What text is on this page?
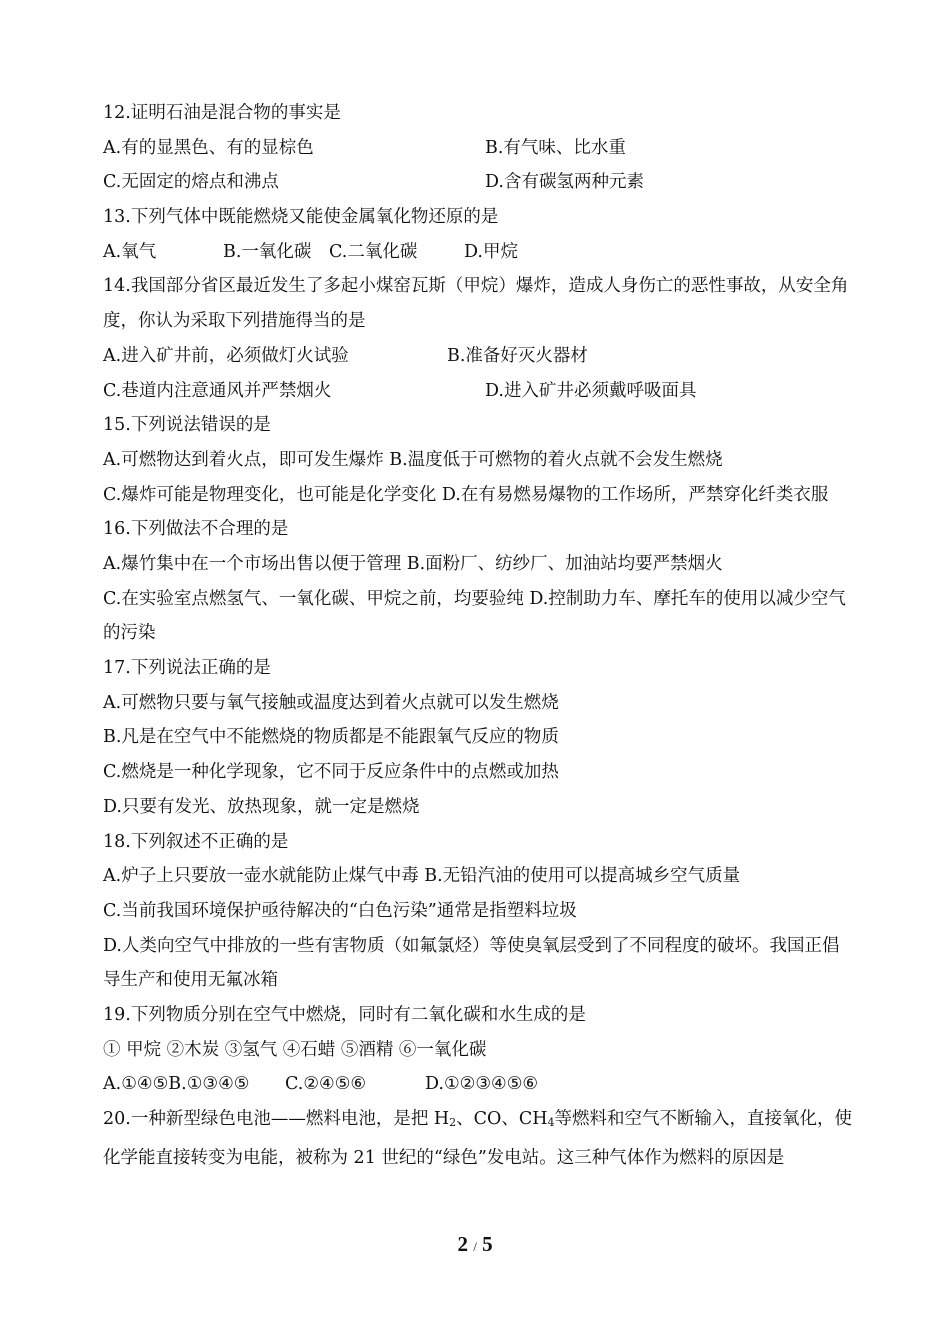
12.证明石油是混合物的事实是
A.有的显黑色、有的显棕色	B.有气味、比水重
C.无固定的熔点和沸点	D.含有碳氢两种元素
13.下列气体中既能燃烧又能使金属氧化物还原的是
A.氧气	B.一氧化碳	C.二氧化碳	D.甲烷
14.我国部分省区最近发生了多起小煤窑瓦斯（甲烷）爆炸，造成人身伤亡的恶性事故，从安全角度，你认为采取下列措施得当的是
A.进入矿井前，必须做灯火试验	B.准备好灭火器材
C.巷道内注意通风并严禁烟火	D.进入矿井必须戴呼吸面具
15.下列说法错误的是
A.可燃物达到着火点，即可发生爆炸 B.温度低于可燃物的着火点就不会发生燃烧
C.爆炸可能是物理变化，也可能是化学变化 D.在有易燃易爆物的工作场所，严禁穿化纤类衣服
16.下列做法不合理的是
A.爆竹集中在一个市场出售以便于管理 B.面粉厂、纺纱厂、加油站均要严禁烟火
C.在实验室点燃氢气、一氧化碳、甲烷之前，均要验纯 D.控制助力车、摩托车的使用以减少空气的污染
17.下列说法正确的是
A.可燃物只要与氧气接触或温度达到着火点就可以发生燃烧
B.凡是在空气中不能燃烧的物质都是不能跟氧气反应的物质
C.燃烧是一种化学现象，它不同于反应条件中的点燃或加热
D.只要有发光、放热现象，就一定是燃烧
18.下列叙述不正确的是
A.炉子上只要放一壶水就能防止煤气中毒 B.无铅汽油的使用可以提高城乡空气质量
C.当前我国环境保护亟待解决的“白色污染”通常是指塑料垃圾
D.人类向空气中排放的一些有害物质（如氟氯烃）等使臭氧层受到了不同程度的破坏。我国正倡导生产和使用无氟冰箱
19.下列物质分别在空气中燃烧，同时有二氧化碳和水生成的是
① 甲烷 ②木炭 ③氢气 ④石蜡 ⑤酒精 ⑥一氧化碳
A.①④⑤B.①③④⑤	C.②④⑤⑥	D.①②③④⑤⑥
20.一种新型绿色电池——燃料电池，是把 H2、CO、CH4等燃料和空气不断输入，直接氧化，使化学能直接转变为电能，被称为 21 世纪的“绿色”发电站。这三种气体作为燃料的原因是
2 / 5
